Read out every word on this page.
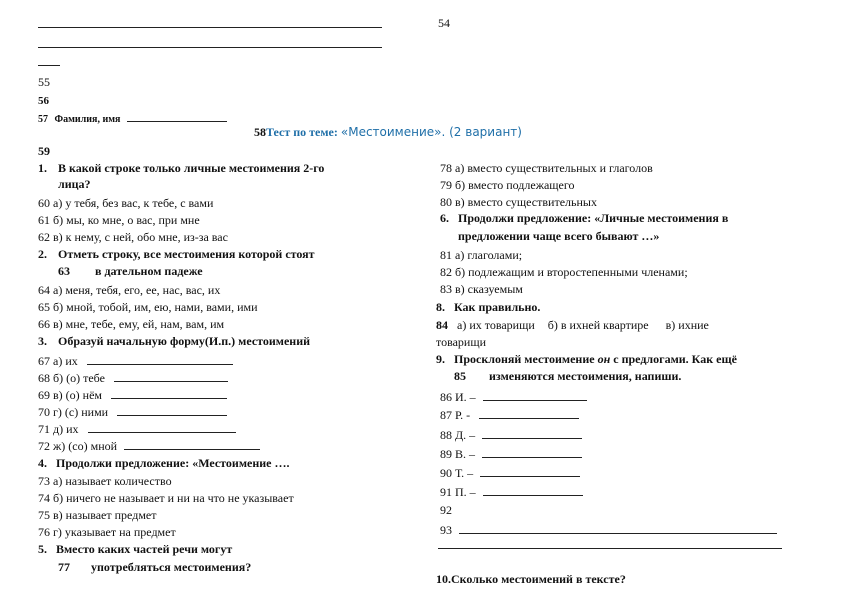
54
55
56
57 Фамилия, имя
58Тест по теме: «Местоимение». (2 вариант)
59
1. В какой строке только личные местоимения 2-го
лица?
60 а) у тебя, без вас, к тебе, с вами
61 б) мы, ко мне, о вас, при мне
62 в) к нему, с ней, обо мне, из-за вас
2. Отметь строку, все местоимения которой стоят
63 в дательном падеже
64 а) меня, тебя, его, ее, нас, вас, их
65 б) мной, тобой, им, ею, нами, вами, ими
66 в) мне, тебе, ему, ей, нам, вам, им
3. Образуй начальную форму(И.п.) местоимений
67 а) их
68 б) (о) тебе
69 в) (о) нём
70 г) (с) ними
71 д) их
72 ж) (со) мной
4. Продолжи предложение: «Местоимение ….
73 а) называет количество
74 б) ничего не называет и ни на что не указывает
75 в) называет предмет
76 г) указывает на предмет
5. Вместо каких частей речи могут
77 употребляться местоимения?
78 а) вместо существительных и глаголов
79 б) вместо подлежащего
80 в) вместо существительных
6. Продолжи предложение: «Личные местоимения в
предложении чаще всего бывают …»
81 а) глаголами;
82 б) подлежащим и второстепенными членами;
83 в) сказуемым
8. Как правильно.
84 а) их товарищи б) в ихней квартире в) ихние
товарищи
9. Просклоняй местоимение он с предлогами. Как ещё
85 изменяются местоимения, напиши.
86 И. –
87 Р. -
88 Д. –
89 В. –
90 Т. –
91 П. –
92
93
10.Сколько местоимений в тексте?
